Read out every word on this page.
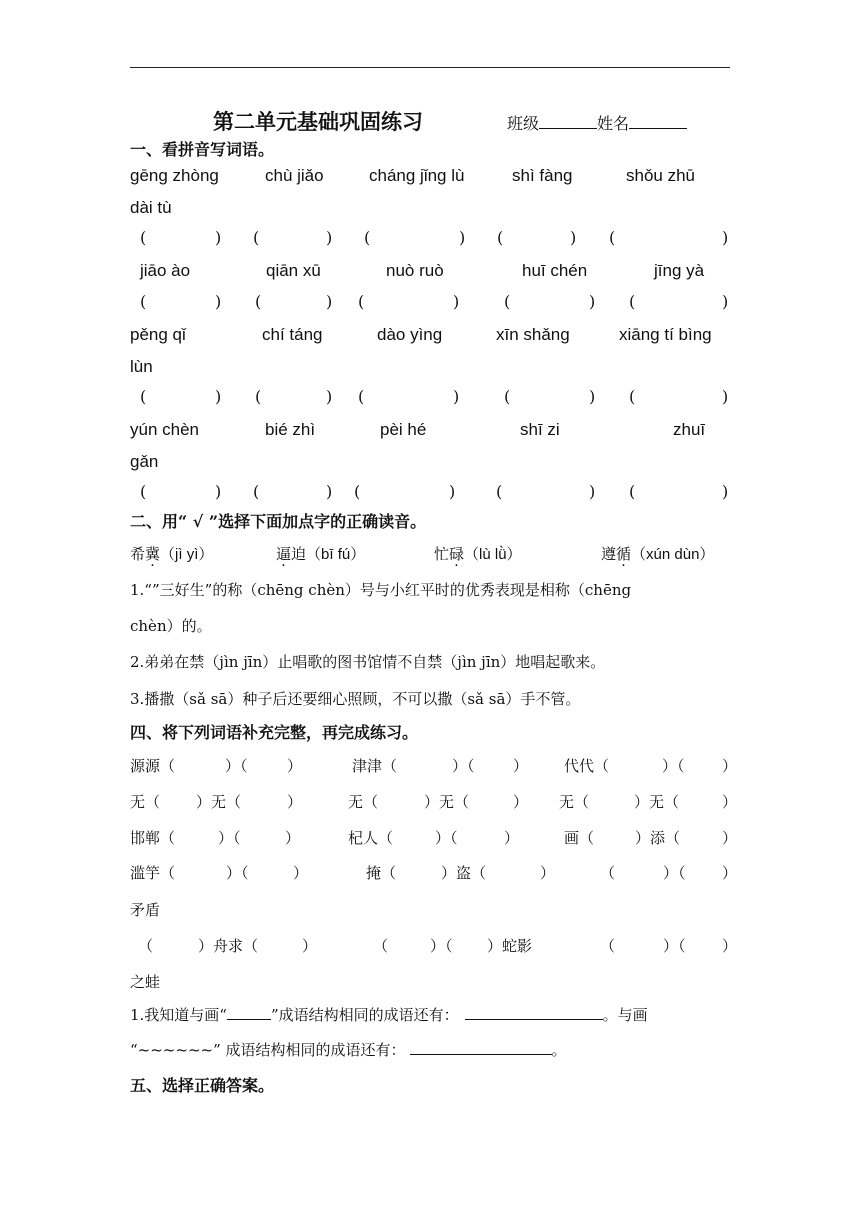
第二单元基础巩固练习	班级	姓名
一、看拼音写词语。
gēng zhòng	chù jiǎo	cháng jǐng lù	shì fàng	shǒu zhū
dài tù
(	) (	) (	) (	) (	)
jiāo ào	qiān xū	nuò ruò	huī chén	jīng yà
(	) (	) (	)	(	) (	)
pěng qǐ	chí táng	dào yìng	xīn shǎng	xiāng tí bìng
lùn
(	) (	) (	)	(	) (	)
yún chèn	bié zhì	pèi hé	shī zi	zhuī
gǎn
(	) (	) (	)	(	) (	)
二、用“ √ ”选择下面加点字的正确读音。
希冀（jì yì）	逼迫（bī fú）	忙碌（lù lǜ）	遵循（xún dùn）
1.“”三好生”的称（chēng chèn）号与小红平时的优秀表现是相称（chēng
chèn）的。
2.弟弟在禁（jìn jīn）止唱歌的图书馆情不自禁（jìn jīn）地唱起歌来。
3.播撒（sǎ sā）种子后还要细心照顾，不可以撒（sǎ sā）手不管。
四、将下列词语补充完整，再完成练习。
源源（	）（	）	津津（	）（	） 代代（	）（ ）

无（ ）无（	）	无（	）无（	） 无（	）无（	）

邯郸（	）（	）	杞人（	）（	）	画（	）添（	）
滥竽（	）（	）	掩（	）盗（	）	（	）（ ）
矛盾
（	）舟求（	）	（	）（ ）蛇影	（	）（ ）
之蛙
1.我知道与画“	”成语结构相同的成语还有：	。与画
“~~~~~~” 成语结构相同的成语还有：	。
五、选择正确答案。
